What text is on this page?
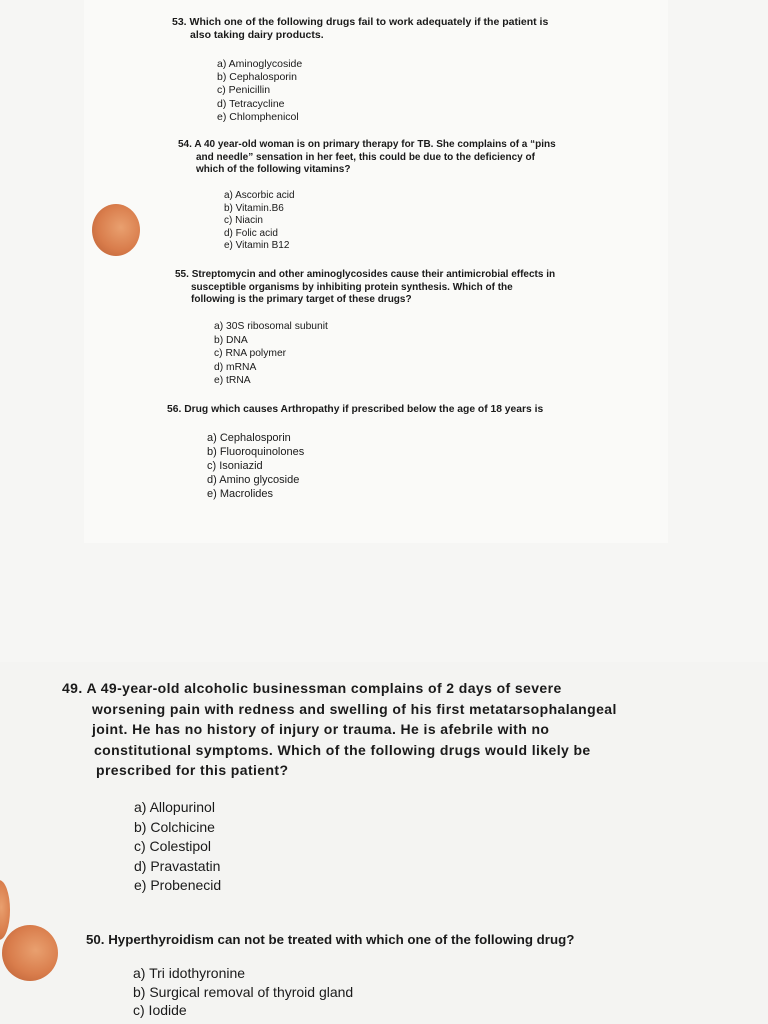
53. Which one of the following drugs fail to work adequately if the patient is
also taking dairy products.
a) Aminoglycoside
b) Cephalosporin
c) Penicillin
d) Tetracycline
e) Chlomphenicol
54. A 40 year-old woman is on primary therapy for TB. She complains of a “pins
and needle” sensation in her feet, this could be due to the deficiency of
which of the following vitamins?
a) Ascorbic acid
b) Vitamin.B6
c) Niacin
d) Folic acid
e) Vitamin B12
55. Streptomycin and other aminoglycosides cause their antimicrobial effects in
susceptible organisms by inhibiting protein synthesis. Which of the
following is the primary target of these drugs?
a) 30S ribosomal subunit
b) DNA
c) RNA polymer
d) mRNA
e) tRNA
56. Drug which causes Arthropathy if prescribed below the age of 18 years is
a) Cephalosporin
b) Fluoroquinolones
c) Isoniazid
d) Amino glycoside
e) Macrolides
49. A 49-year-old alcoholic businessman complains of 2 days of severe
worsening pain with redness and swelling of his first metatarsophalangeal
joint. He has no history of injury or trauma. He is afebrile with no
constitutional symptoms. Which of the following drugs would likely be
prescribed for this patient?
a) Allopurinol
b) Colchicine
c) Colestipol
d) Pravastatin
e) Probenecid
50. Hyperthyroidism can not be treated with which one of the following drug?
a) Tri idothyronine
b) Surgical removal of thyroid gland
c) Iodide
